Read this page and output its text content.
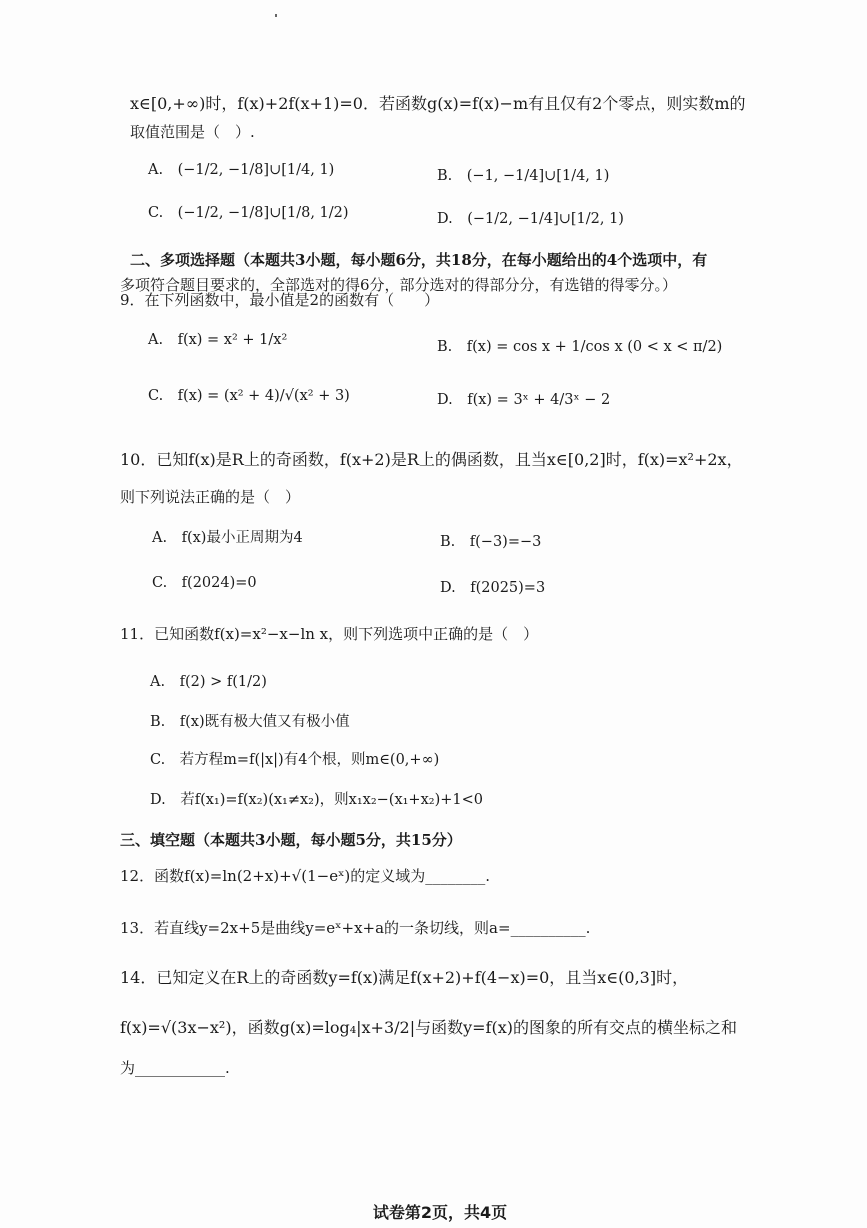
x∈[0,+∞)时，f(x)+2f(x+1)=0．若函数g(x)=f(x)−m有且仅有2个零点，则实数m的
取值范围是（　）.
A.　(−1/2, −1/8]∪[1/4, 1)	B.　(−1, −1/4]∪[1/4, 1)
C.　(−1/2, −1/8]∪[1/8, 1/2)	D.　(−1/2, −1/4]∪[1/2, 1)
二、多项选择题（本题共3小题，每小题6分，共18分，在每小题给出的4个选项中，有
多项符合题目要求的，全部选对的得6分，部分选对的得部分分，有选错的得零分。）
9．在下列函数中，最小值是2的函数有（　　）
A.　f(x) = x² + 1/x²	B.　f(x) = cos x + 1/cos x (0 < x < π/2)
C.　f(x) = (x² + 4)/√(x² + 3)	D.　f(x) = 3ˣ + 4/3ˣ − 2
10．已知f(x)是R上的奇函数，f(x+2)是R上的偶函数，且当x∈[0,2]时，f(x)=x²+2x，
则下列说法正确的是（　）
A.　f(x)最小正周期为4	B.　f(−3)=−3
C.　f(2024)=0	D.　f(2025)=3
11．已知函数f(x)=x²−x−ln x，则下列选项中正确的是（　）
A.　f(2) > f(1/2)
B.　f(x)既有极大值又有极小值
C.　若方程m=f(|x|)有4个根，则m∈(0,+∞)
D.　若f(x₁)=f(x₂)(x₁≠x₂)，则x₁x₂−(x₁+x₂)+1<0
三、填空题（本题共3小题，每小题5分，共15分）
12．函数f(x)=ln(2+x)+√(1−eˣ)的定义域为________.
13．若直线y=2x+5是曲线y=eˣ+x+a的一条切线，则a=__________.
14．已知定义在R上的奇函数y=f(x)满足f(x+2)+f(4−x)=0，且当x∈(0,3]时，
f(x)=√(3x−x²)，函数g(x)=log₄|x+3/2|与函数y=f(x)的图象的所有交点的横坐标之和
为____________.
试卷第2页，共4页
